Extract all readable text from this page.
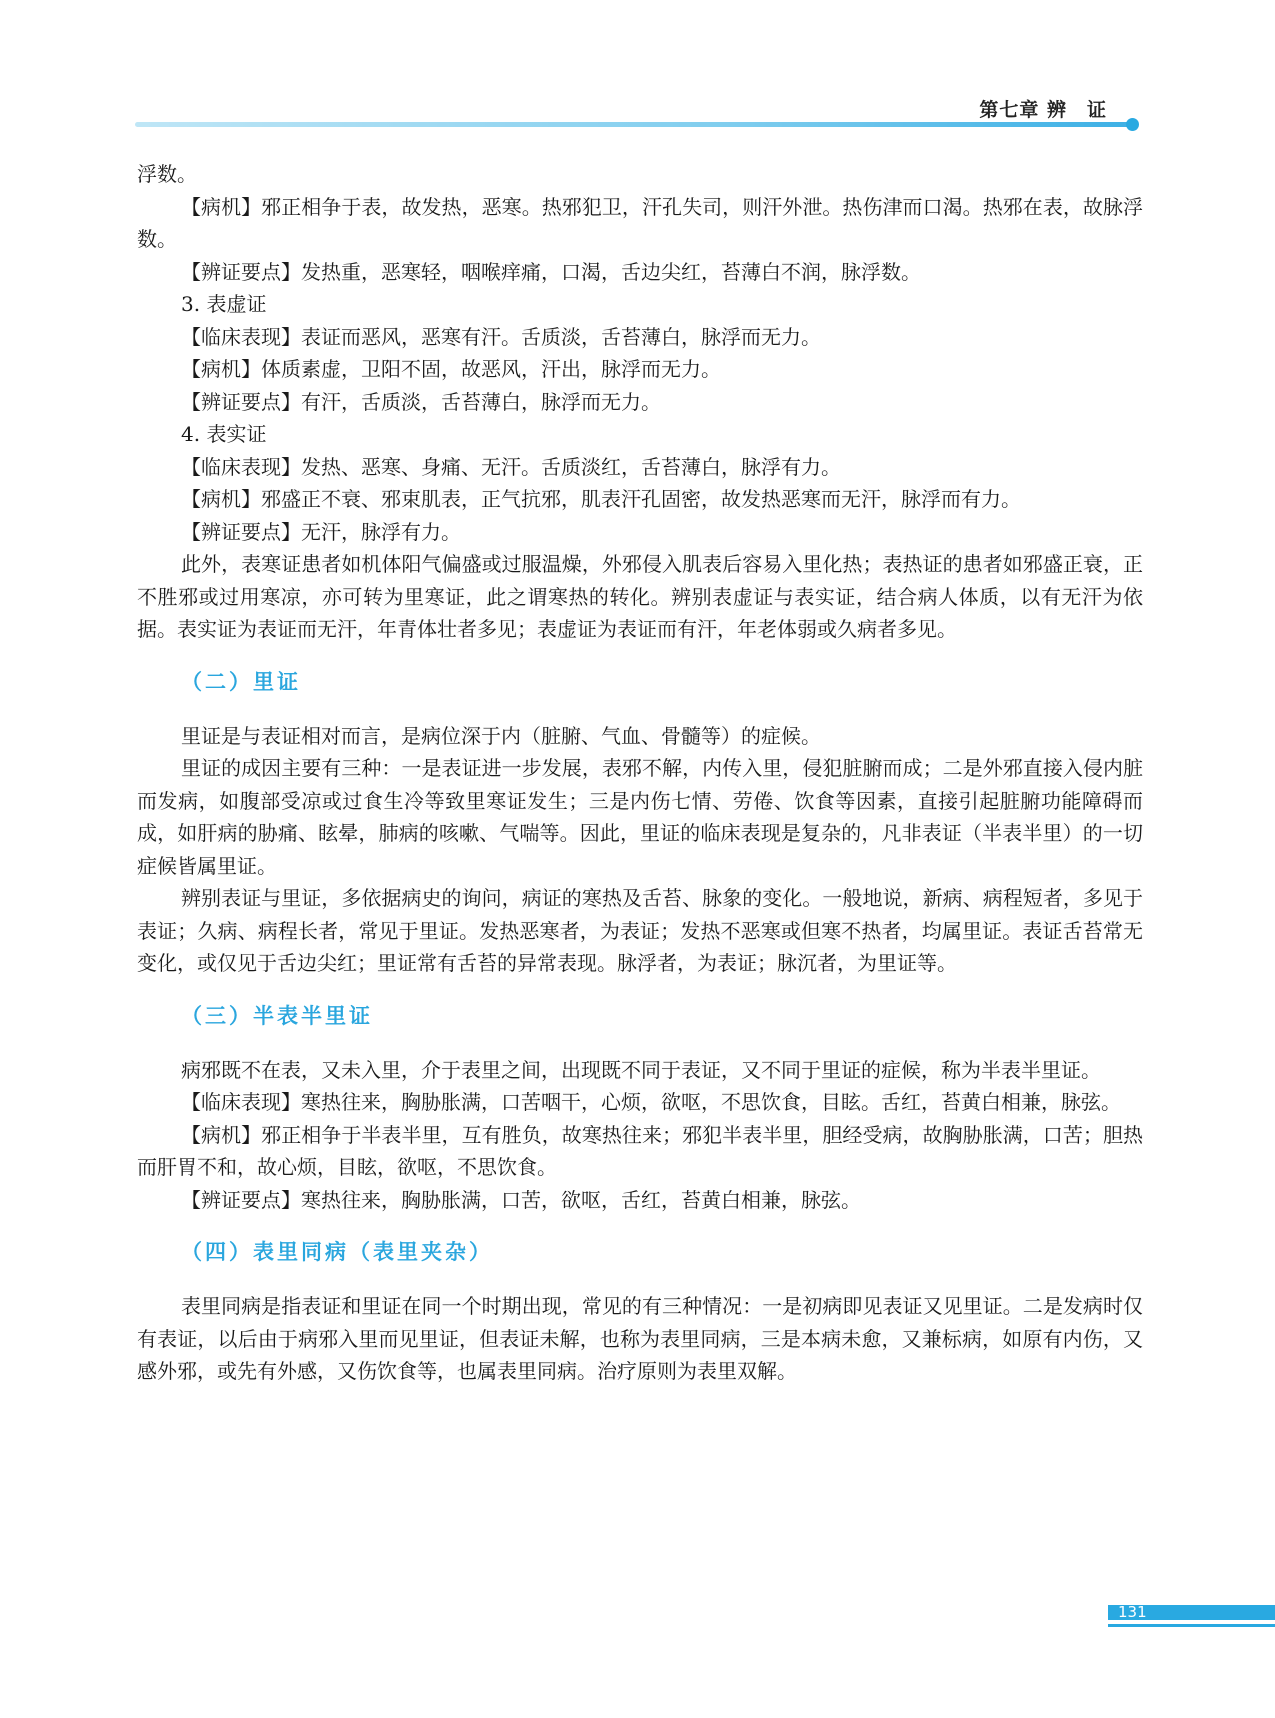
第七章 辨　证

浮数。

【病机】邪正相争于表，故发热，恶寒。热邪犯卫，汗孔失司，则汗外泄。热伤津而口渴。热邪在表，故脉浮数。

【辨证要点】发热重，恶寒轻，咽喉痒痛，口渴，舌边尖红，苔薄白不润，脉浮数。

3. 表虚证

【临床表现】表证而恶风，恶寒有汗。舌质淡，舌苔薄白，脉浮而无力。

【病机】体质素虚，卫阳不固，故恶风，汗出，脉浮而无力。

【辨证要点】有汗，舌质淡，舌苔薄白，脉浮而无力。

4. 表实证

【临床表现】发热、恶寒、身痛、无汗。舌质淡红，舌苔薄白，脉浮有力。

【病机】邪盛正不衰、邪束肌表，正气抗邪，肌表汗孔固密，故发热恶寒而无汗，脉浮而有力。

【辨证要点】无汗，脉浮有力。

此外，表寒证患者如机体阳气偏盛或过服温燥，外邪侵入肌表后容易入里化热；表热证的患者如邪盛正衰，正不胜邪或过用寒凉，亦可转为里寒证，此之谓寒热的转化。辨别表虚证与表实证，结合病人体质，以有无汗为依据。表实证为表证而无汗，年青体壮者多见；表虚证为表证而有汗，年老体弱或久病者多见。

（二）里证

里证是与表证相对而言，是病位深于内（脏腑、气血、骨髓等）的症候。

里证的成因主要有三种：一是表证进一步发展，表邪不解，内传入里，侵犯脏腑而成；二是外邪直接入侵内脏而发病，如腹部受凉或过食生冷等致里寒证发生；三是内伤七情、劳倦、饮食等因素，直接引起脏腑功能障碍而成，如肝病的胁痛、眩晕，肺病的咳嗽、气喘等。因此，里证的临床表现是复杂的，凡非表证（半表半里）的一切症候皆属里证。

辨别表证与里证，多依据病史的询问，病证的寒热及舌苔、脉象的变化。一般地说，新病、病程短者，多见于表证；久病、病程长者，常见于里证。发热恶寒者，为表证；发热不恶寒或但寒不热者，均属里证。表证舌苔常无变化，或仅见于舌边尖红；里证常有舌苔的异常表现。脉浮者，为表证；脉沉者，为里证等。

（三）半表半里证

病邪既不在表，又未入里，介于表里之间，出现既不同于表证，又不同于里证的症候，称为半表半里证。

【临床表现】寒热往来，胸胁胀满，口苦咽干，心烦，欲呕，不思饮食，目眩。舌红，苔黄白相兼，脉弦。

【病机】邪正相争于半表半里，互有胜负，故寒热往来；邪犯半表半里，胆经受病，故胸胁胀满，口苦；胆热而肝胃不和，故心烦，目眩，欲呕，不思饮食。

【辨证要点】寒热往来，胸胁胀满，口苦，欲呕，舌红，苔黄白相兼，脉弦。

（四）表里同病（表里夹杂）

表里同病是指表证和里证在同一个时期出现，常见的有三种情况：一是初病即见表证又见里证。二是发病时仅有表证，以后由于病邪入里而见里证，但表证未解，也称为表里同病，三是本病未愈，又兼标病，如原有内伤，又感外邪，或先有外感，又伤饮食等，也属表里同病。治疗原则为表里双解。

131
